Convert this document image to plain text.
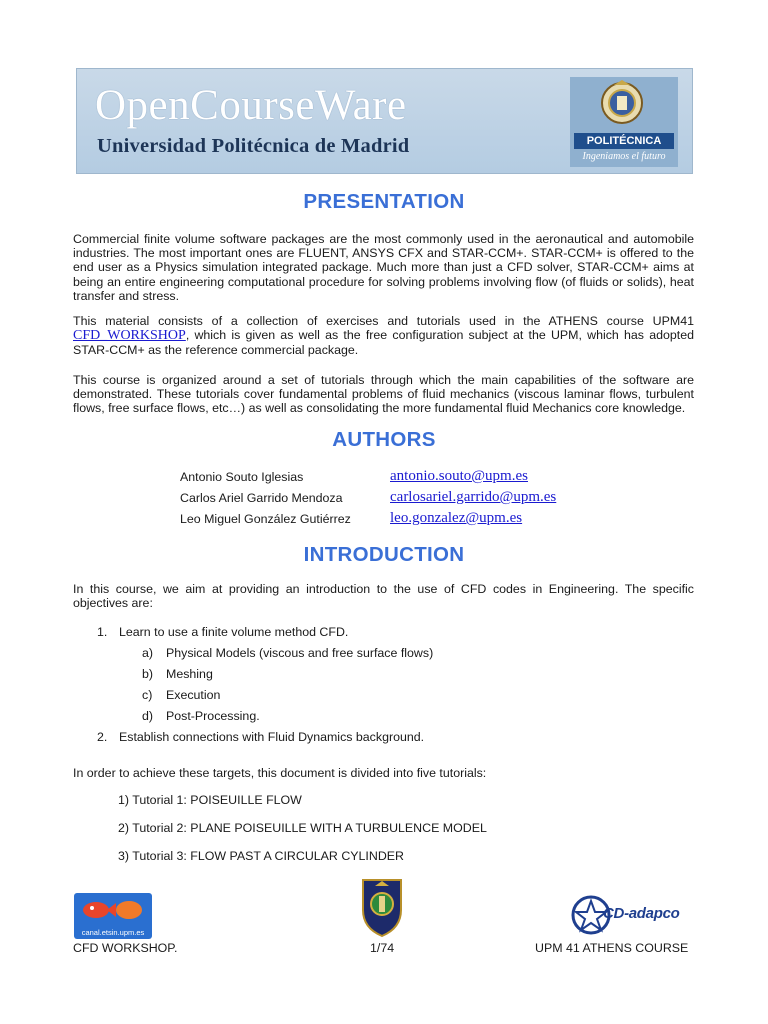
OpenCourseWare
Universidad Politécnica de Madrid	POLITÉCNICA
Ingeniamos el futuro
PRESENTATION

Commercial finite volume software packages are the most commonly used in the aeronautical and automobile industries. The most important ones are FLUENT, ANSYS CFX and STAR-CCM+. STAR-CCM+ is offered to the end user as a Physics simulation integrated package. Much more than just a CFD solver, STAR-CCM+ aims at being an entire engineering computational procedure for solving problems involving flow (of fluids or solids), heat transfer and stress.

This material consists of a collection of exercises and tutorials used in the ATHENS course UPM41 CFD_WORKSHOP, which is given as well as the free configuration subject at the UPM, which has adopted STAR-CCM+ as the reference commercial package.

This course is organized around a set of tutorials through which the main capabilities of the software are demonstrated. These tutorials cover fundamental problems of fluid mechanics (viscous laminar flows, turbulent flows, free surface flows, etc…) as well as consolidating the more fundamental fluid Mechanics core knowledge.

AUTHORS
Antonio Souto Iglesias	antonio.souto@upm.es
Carlos Ariel Garrido Mendoza	carlosariel.garrido@upm.es
Leo Miguel González Gutiérrez	leo.gonzalez@upm.es
INTRODUCTION

In this course, we aim at providing an introduction to the use of CFD codes in Engineering. The specific objectives are:

1. Learn to use a finite volume method CFD.
a) Physical Models (viscous and free surface flows)
b) Meshing
c) Execution
d) Post-Processing.
2. Establish connections with Fluid Dynamics background.

In order to achieve these targets, this document is divided into five tutorials:

1) Tutorial 1: POISEUILLE FLOW
2) Tutorial 2: PLANE POISEUILLE WITH A TURBULENCE MODEL
3) Tutorial 3: FLOW PAST A CIRCULAR CYLINDER
canal.etsin.upm.es
CD-adapco
CFD WORKSHOP.	1/74	UPM 41 ATHENS COURSE
